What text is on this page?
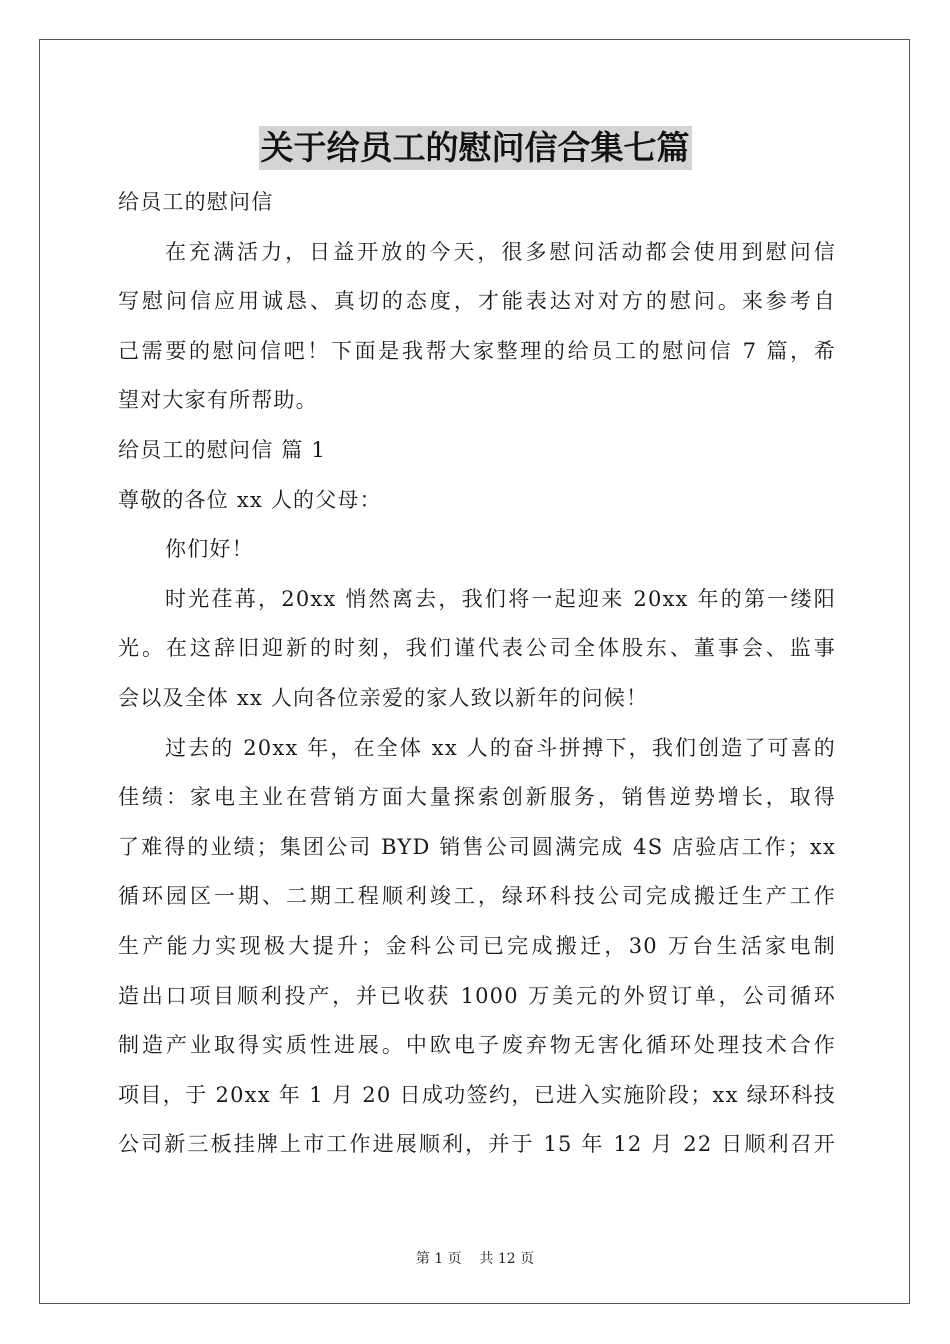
关于给员工的慰问信合集七篇

给员工的慰问信

在充满活力，日益开放的今天，很多慰问活动都会使用到慰问信

写慰问信应用诚恳、真切的态度，才能表达对对方的慰问。来参考自

己需要的慰问信吧！下面是我帮大家整理的给员工的慰问信 7 篇，希

望对大家有所帮助。

给员工的慰问信 篇 1

尊敬的各位 xx 人的父母：

你们好！

时光荏苒，20xx 悄然离去，我们将一起迎来 20xx 年的第一缕阳

光。在这辞旧迎新的时刻，我们谨代表公司全体股东、董事会、监事

会以及全体 xx 人向各位亲爱的家人致以新年的问候！

过去的 20xx 年，在全体 xx 人的奋斗拼搏下，我们创造了可喜的

佳绩：家电主业在营销方面大量探索创新服务，销售逆势增长，取得

了难得的业绩；集团公司 BYD 销售公司圆满完成 4S 店验店工作；xx

循环园区一期、二期工程顺利竣工，绿环科技公司完成搬迁生产工作

生产能力实现极大提升；金科公司已完成搬迁，30 万台生活家电制

造出口项目顺利投产，并已收获 1000 万美元的外贸订单，公司循环

制造产业取得实质性进展。中欧电子废弃物无害化循环处理技术合作

项目，于 20xx 年 1 月 20 日成功签约，已进入实施阶段；xx 绿环科技

公司新三板挂牌上市工作进展顺利，并于 15 年 12 月 22 日顺利召开

第 1 页    共 12 页
